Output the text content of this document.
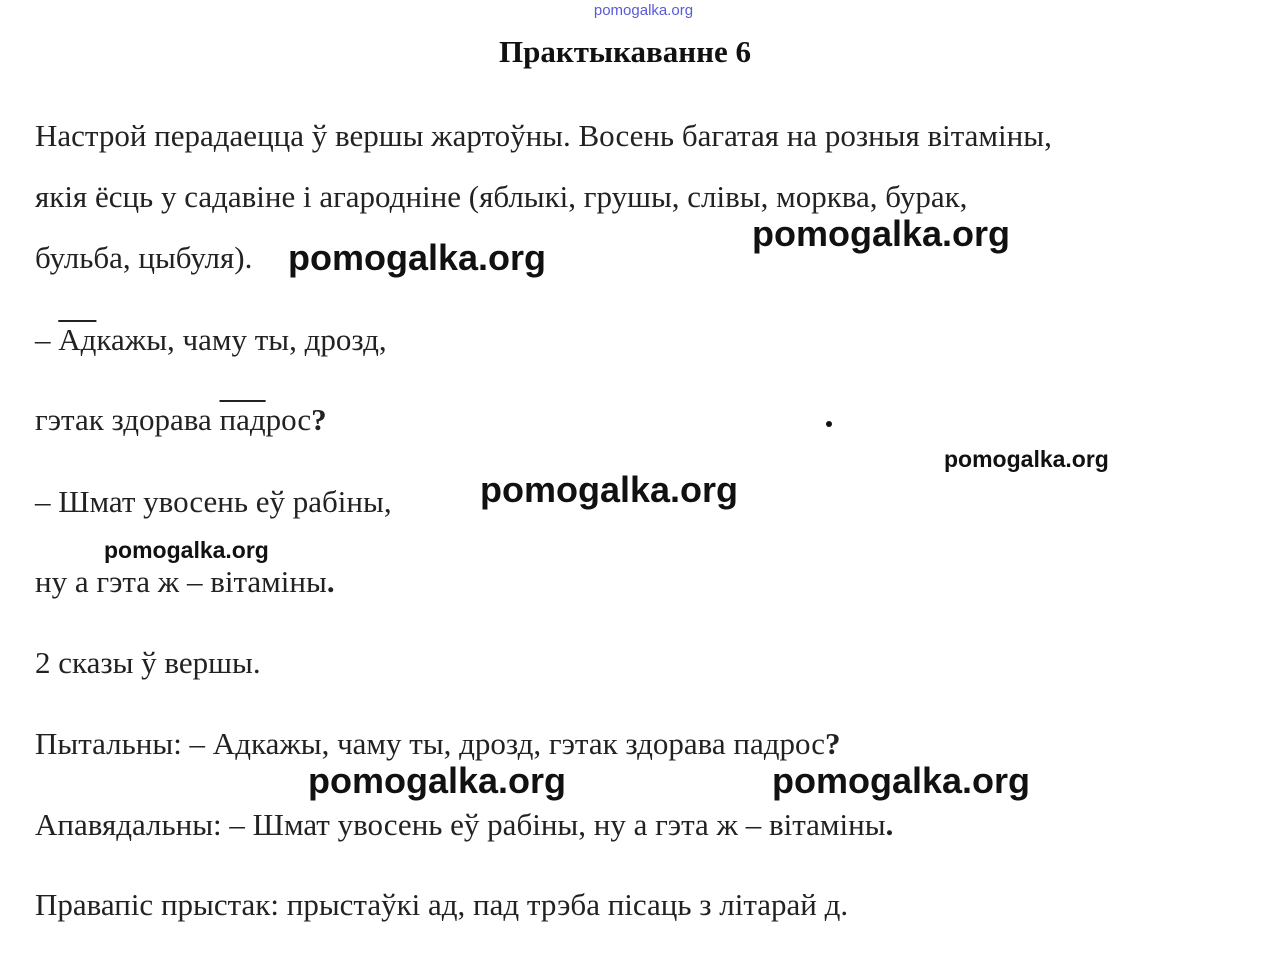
pomogalka.org
Практыкаванне 6
Настрой перадаецца ў вершы жартоўны. Восень багатая на розныя вітаміны,
якія ёсць у садавіне і агародніне (яблыкі, грушы, слівы, морква, бурак,
бульба, цыбуля).
– Адкажы, чаму ты, дрозд,
гэтак здорава падрос?
– Шмат увосень еў рабіны,
ну а гэта ж – вітаміны.
2 сказы ў вершы.
Пытальны: – Адкажы, чаму ты, дрозд, гэтак здорава падрос?
Апавядальны: – Шмат увосень еў рабіны, ну а гэта ж – вітаміны.
Правапіс прыстак: прыстаўкі ад, пад трэба пісаць з літарай д.
pomogalka.org
pomogalka.org
pomogalka.org
pomogalka.org
pomogalka.org
pomogalka.org	pomogalka.org
